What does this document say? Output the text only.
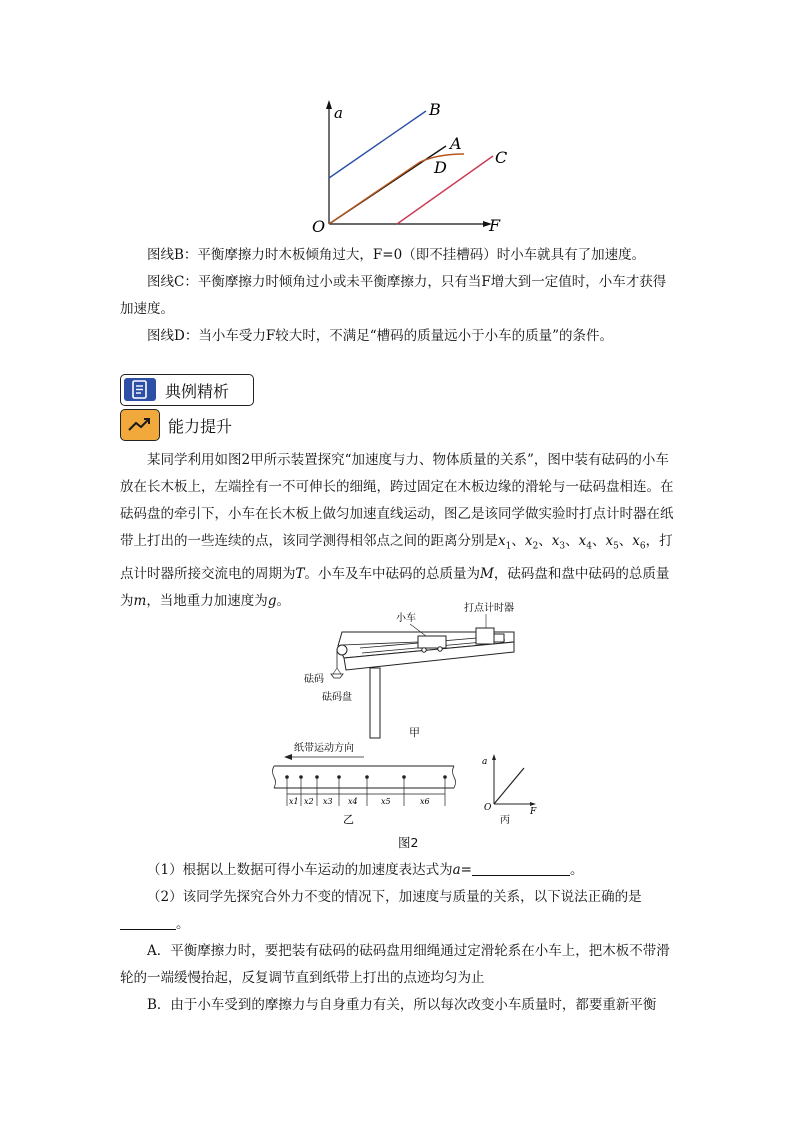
a
F
O
B
A
D
C

图线B：平衡摩擦力时木板倾角过大，F=0（即不挂槽码）时小车就具有了加速度。

图线C：平衡摩擦力时倾角过小或未平衡摩擦力，只有当F增大到一定值时，小车才获得加速度。

图线D：当小车受力F较大时，不满足“槽码的质量远小于小车的质量”的条件。

典例精析
能力提升

某同学利用如图2甲所示装置探究“加速度与力、物体质量的关系”，图中装有砝码的小车放在长木板上，左端拴有一不可伸长的细绳，跨过固定在木板边缘的滑轮与一砝码盘相连。在砝码盘的牵引下，小车在长木板上做匀加速直线运动，图乙是该同学做实验时打点计时器在纸带上打出的一些连续的点，该同学测得相邻点之间的距离分别是$x_1$、$x_2$、$x_3$、$x_4$、$x_5$、$x_6$，打点计时器所接交流电的周期为T。小车及车中砝码的总质量为M，砝码盘和盘中砝码的总质量为m，当地重力加速度为g。

小车
打点计时器
砝码
砝码盘
甲
纸带运动方向
x1 x2 x3 x4	x5	x6
乙
a
F
O
丙
图2

（1）根据以上数据可得小车运动的加速度表达式为a=	。

（2）该同学先探究合外力不变的情况下，加速度与质量的关系，以下说法正确的是。

A．平衡摩擦力时，要把装有砝码的砝码盘用细绳通过定滑轮系在小车上，把木板不带滑轮的一端缓慢抬起，反复调节直到纸带上打出的点迹均匀为止

B．由于小车受到的摩擦力与自身重力有关，所以每次改变小车质量时，都要重新平衡
